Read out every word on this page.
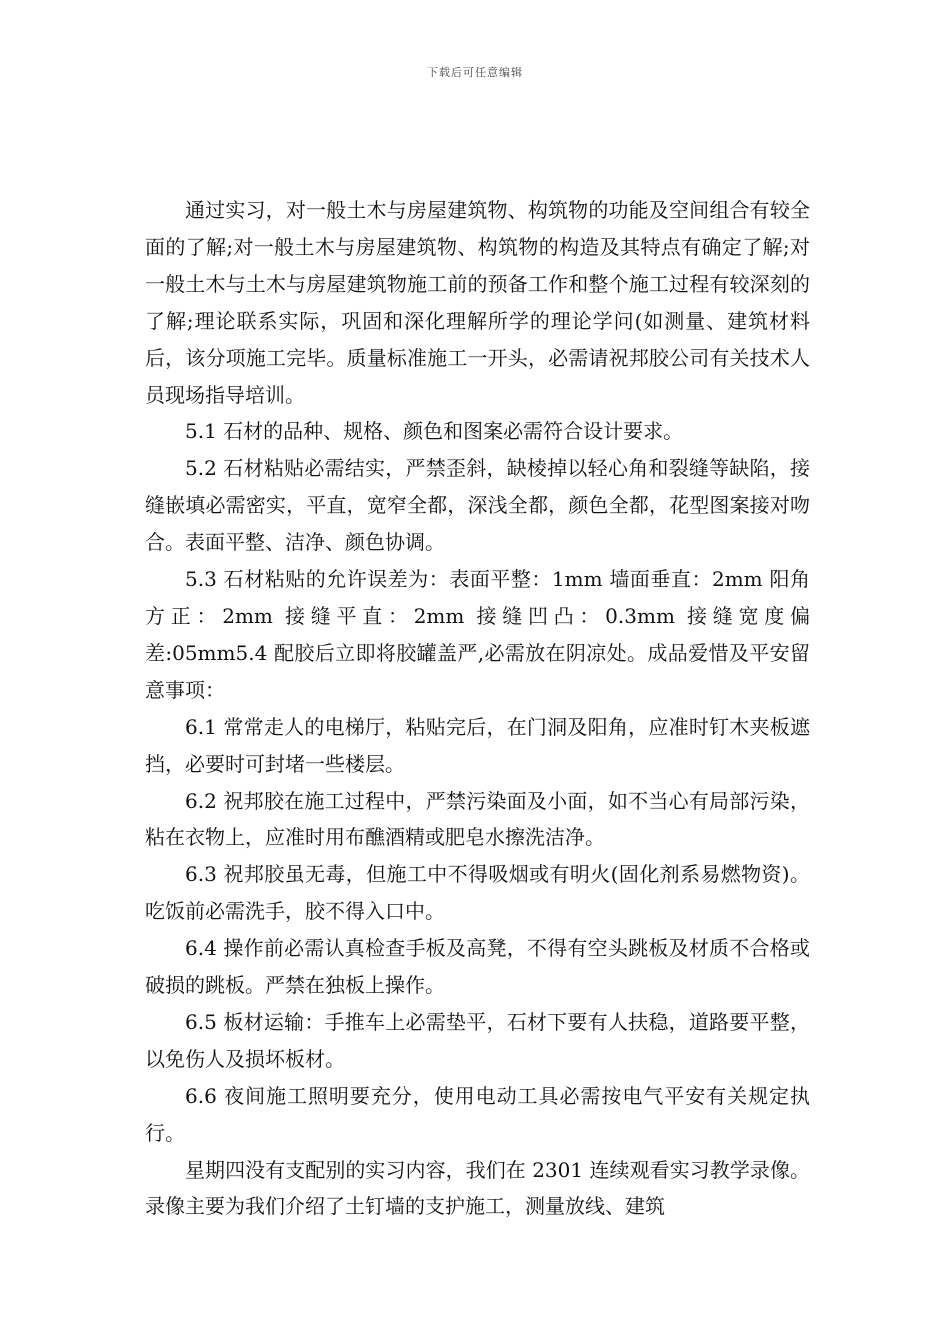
下载后可任意编辑

通过实习，对一般土木与房屋建筑物、构筑物的功能及空间组合有较全面的了解;对一般土木与房屋建筑物、构筑物的构造及其特点有确定了解;对一般土木与土木与房屋建筑物施工前的预备工作和整个施工过程有较深刻的了解;理论联系实际，巩固和深化理解所学的理论学问(如测量、建筑材料后，该分项施工完毕。质量标准施工一开头，必需请祝邦胶公司有关技术人员现场指导培训。

5.1 石材的品种、规格、颜色和图案必需符合设计要求。

5.2 石材粘贴必需结实，严禁歪斜，缺棱掉以轻心角和裂缝等缺陷，接缝嵌填必需密实，平直，宽窄全都，深浅全都，颜色全都，花型图案接对吻合。表面平整、洁净、颜色协调。

5.3 石材粘贴的允许误差为：表面平整：1mm 墙面垂直：2mm 阳角方正：2mm 接缝平直：2mm 接缝凹凸：0.3mm 接缝宽度偏差:05mm5.4 配胶后立即将胶罐盖严,必需放在阴凉处。成品爱惜及平安留意事项：

6.1 常常走人的电梯厅，粘贴完后，在门洞及阳角，应准时钉木夹板遮挡，必要时可封堵一些楼层。

6.2 祝邦胶在施工过程中，严禁污染面及小面，如不当心有局部污染，粘在衣物上，应准时用布醮酒精或肥皂水擦洗洁净。

6.3 祝邦胶虽无毒，但施工中不得吸烟或有明火(固化剂系易燃物资)。吃饭前必需洗手，胶不得入口中。

6.4 操作前必需认真检查手板及高凳，不得有空头跳板及材质不合格或破损的跳板。严禁在独板上操作。

6.5 板材运输：手推车上必需垫平，石材下要有人扶稳，道路要平整，以免伤人及损坏板材。

6.6 夜间施工照明要充分，使用电动工具必需按电气平安有关规定执行。

星期四没有支配别的实习内容，我们在 2301 连续观看实习教学录像。录像主要为我们介绍了土钉墙的支护施工，测量放线、建筑
